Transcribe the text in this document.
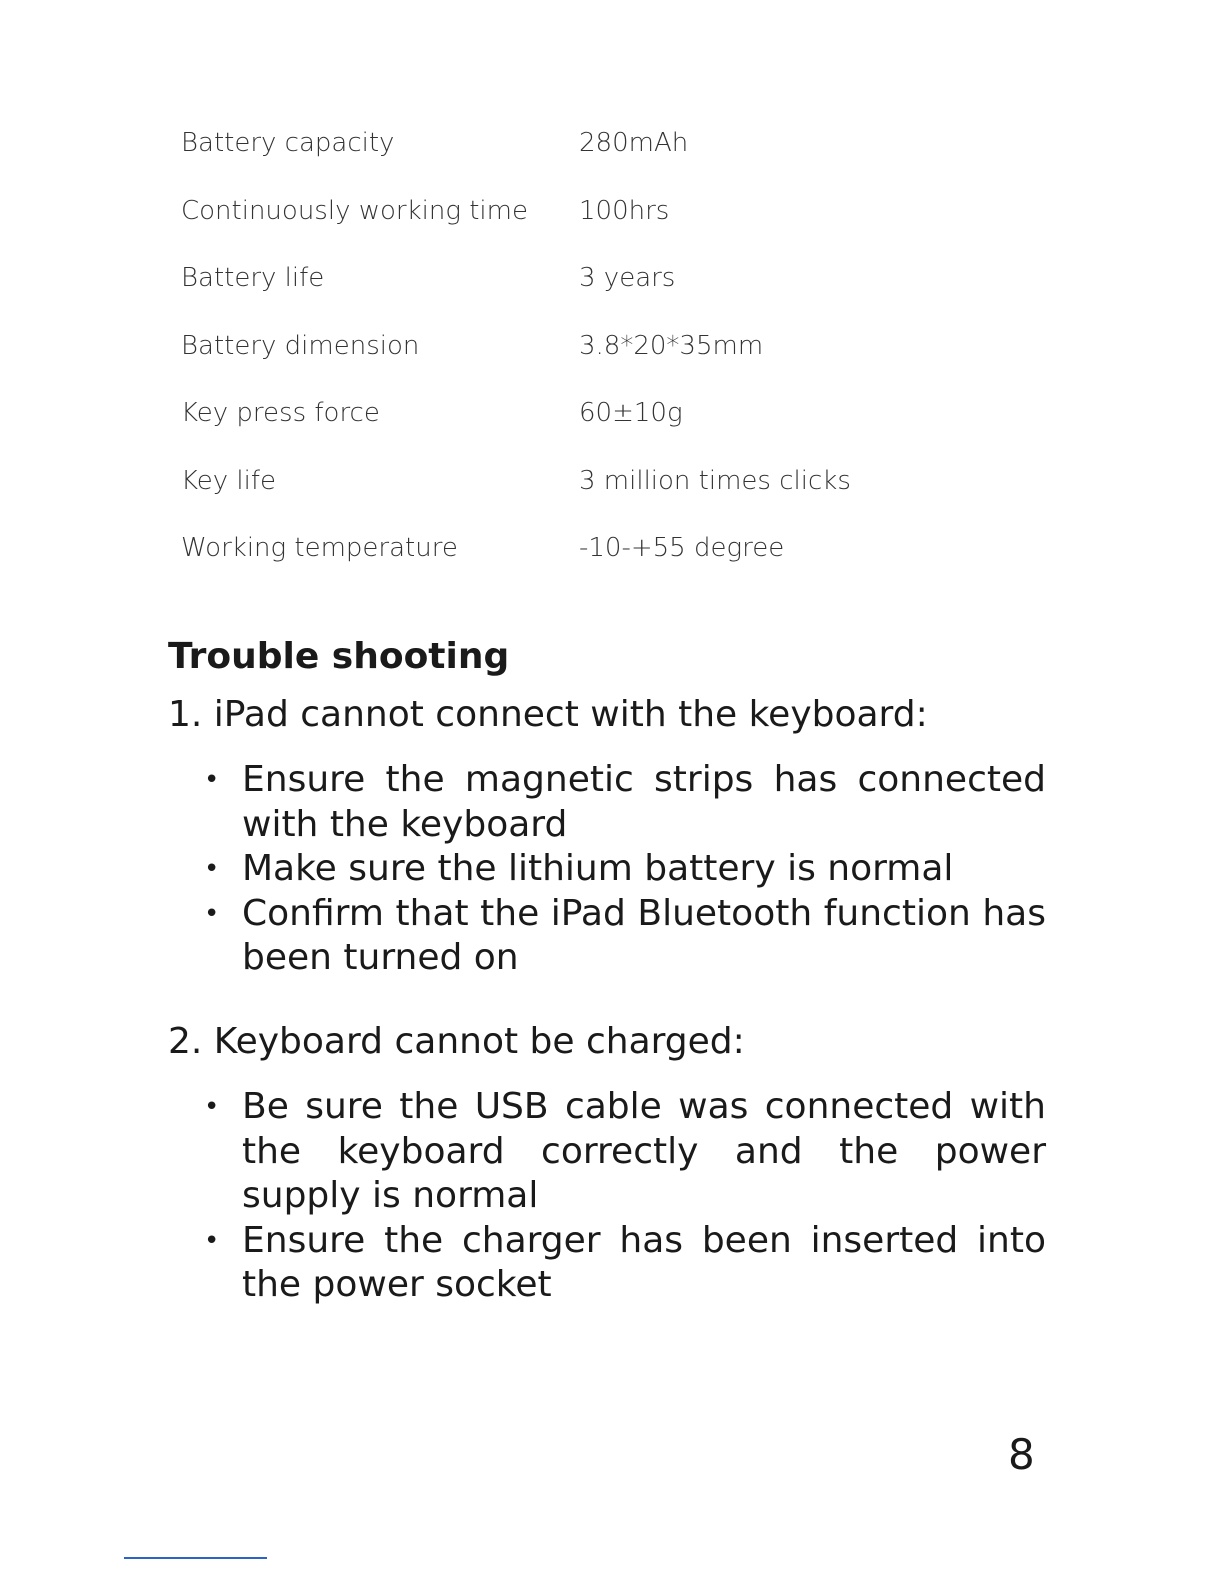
Battery capacity	280mAh
Continuously working time	100hrs
Battery life	3 years
Battery dimension	3.8*20*35mm
Key press force	60±10g
Key life	3 million times clicks
Working temperature	-10-+55 degree
Trouble shooting
1. iPad cannot connect with the keyboard:
• Ensure the magnetic strips has connected with the keyboard
• Make sure the lithium battery is normal
• Confirm that the iPad Bluetooth function has been turned on
2. Keyboard cannot be charged:
• Be sure the USB cable was connected with the keyboard correctly and the power supply is normal
• Ensure the charger has been inserted into the power socket
8
